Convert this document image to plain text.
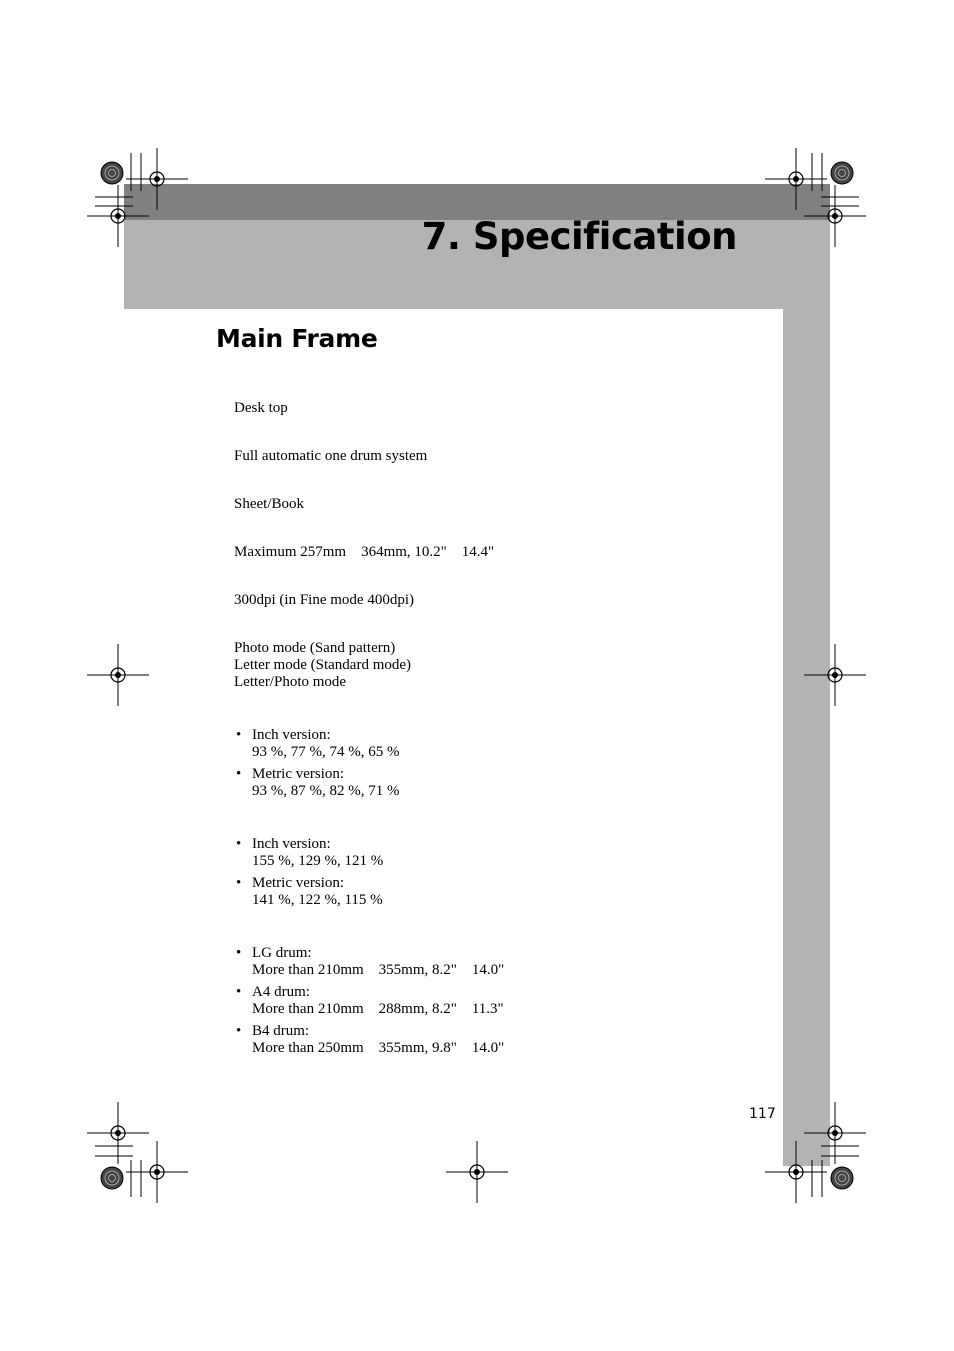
7. Specification
Main Frame
Desk top
Full automatic one drum system
Sheet/Book
Maximum 257mm    364mm, 10.2"    14.4"
300dpi (in Fine mode 400dpi)
Photo mode (Sand pattern)
Letter mode (Standard mode)
Letter/Photo mode
• Inch version:
93 %, 77 %, 74 %, 65 %
• Metric version:
93 %, 87 %, 82 %, 71 %
• Inch version:
155 %, 129 %, 121 %
• Metric version:
141 %, 122 %, 115 %
• LG drum:
More than 210mm    355mm, 8.2"    14.0"
• A4 drum:
More than 210mm    288mm, 8.2"    11.3"
• B4 drum:
More than 250mm    355mm, 9.8"    14.0"
117
